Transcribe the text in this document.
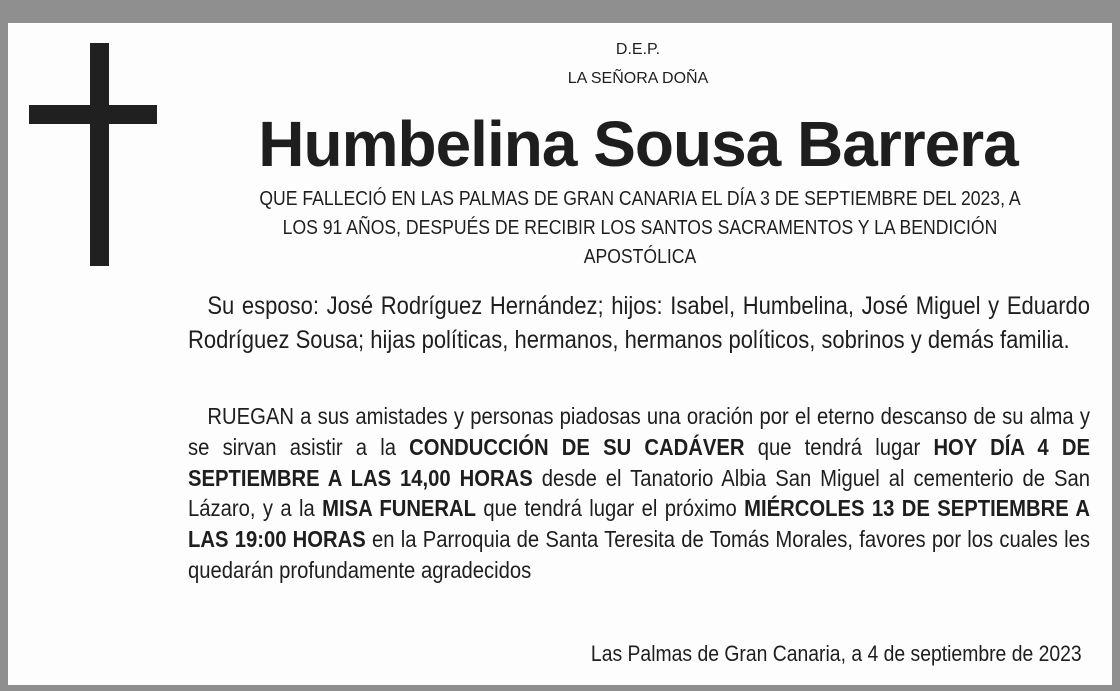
D.E.P.
LA SEÑORA DOÑA
Humbelina Sousa Barrera
QUE FALLECIÓ EN LAS PALMAS DE GRAN CANARIA EL DÍA 3 DE SEPTIEMBRE DEL 2023, A LOS 91 AÑOS, DESPUÉS DE RECIBIR LOS SANTOS SACRAMENTOS Y LA BENDICIÓN APOSTÓLICA
Su esposo: José Rodríguez Hernández; hijos: Isabel, Humbelina, José Miguel y Eduardo Rodríguez Sousa; hijas políticas, hermanos, hermanos políticos, sobrinos y demás familia.
RUEGAN a sus amistades y personas piadosas una oración por el eterno descanso de su alma y se sirvan asistir a la CONDUCCIÓN DE SU CADÁVER que tendrá lugar HOY DÍA 4 DE SEPTIEMBRE A LAS 14,00 HORAS desde el Tanatorio Albia San Miguel al cementerio de San Lázaro, y a la MISA FUNERAL que tendrá lugar el próximo MIÉRCOLES 13 DE SEPTIEMBRE A LAS 19:00 HORAS en la Parroquia de Santa Teresita de Tomás Morales, favores por los cuales les quedarán profundamente agradecidos
Las Palmas de Gran Canaria, a 4 de septiembre de 2023
